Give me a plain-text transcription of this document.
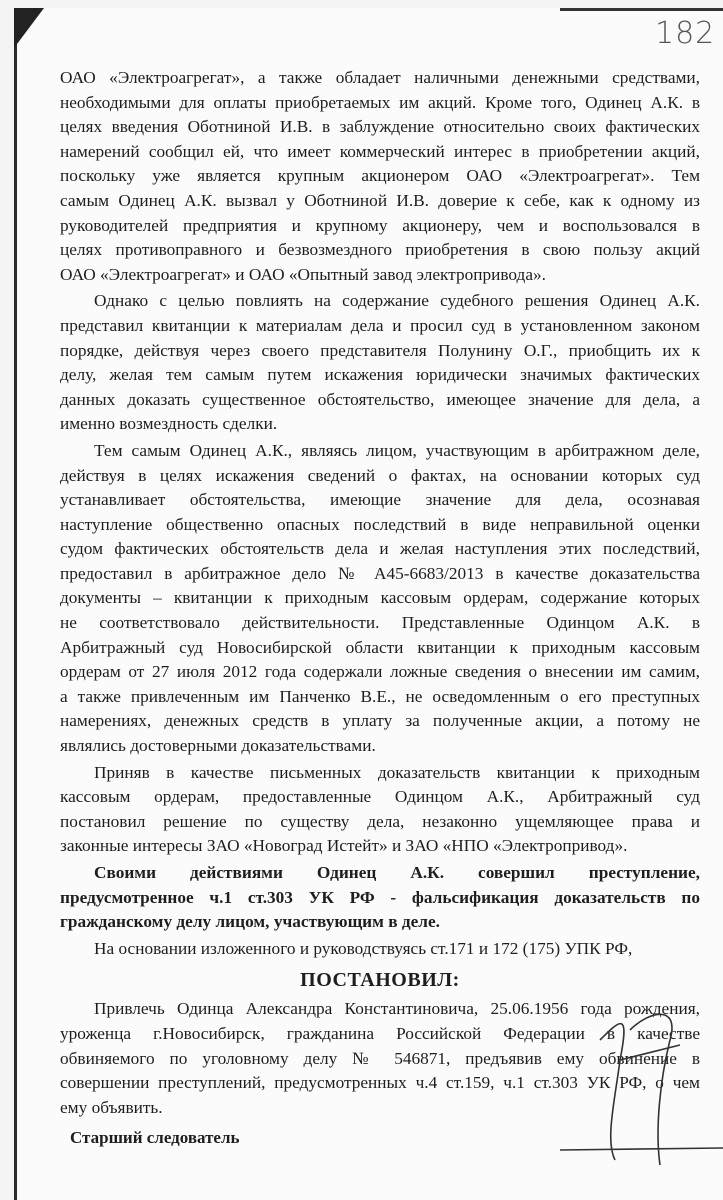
182
ОАО «Электроагрегат», а также обладает наличными денежными средствами,
необходимыми для оплаты приобретаемых им акций. Кроме того, Одинец А.К. в
целях введения Оботниной И.В. в заблуждение относительно своих фактических
намерений сообщил ей, что имеет коммерческий интерес в приобретении акций,
поскольку уже является крупным акционером ОАО «Электроагрегат». Тем
самым Одинец А.К. вызвал у Оботниной И.В. доверие к себе, как к одному из
руководителей предприятия и крупному акционеру, чем и воспользовался в
целях противоправного и безвозмездного приобретения в свою пользу акций
ОАО «Электроагрегат» и ОАО «Опытный завод электропривода».
Однако с целью повлиять на содержание судебного решения Одинец А.К.
представил квитанции к материалам дела и просил суд в установленном законом
порядке, действуя через своего представителя Полунину О.Г., приобщить их к
делу, желая тем самым путем искажения юридически значимых фактических
данных доказать существенное обстоятельство, имеющее значение для дела, а
именно возмездность сделки.
Тем самым Одинец А.К., являясь лицом, участвующим в арбитражном деле,
действуя в целях искажения сведений о фактах, на основании которых суд
устанавливает обстоятельства, имеющие значение для дела, осознавая
наступление общественно опасных последствий в виде неправильной оценки
судом фактических обстоятельств дела и желая наступления этих последствий,
предоставил в арбитражное дело № А45-6683/2013 в качестве доказательства
документы – квитанции к приходным кассовым ордерам, содержание которых
не соответствовало действительности. Представленные Одинцом А.К. в
Арбитражный суд Новосибирской области квитанции к приходным кассовым
ордерам от 27 июля 2012 года содержали ложные сведения о внесении им самим,
а также привлеченным им Панченко В.Е., не осведомленным о его преступных
намерениях, денежных средств в уплату за полученные акции, а потому не
являлись достоверными доказательствами.
Приняв в качестве письменных доказательств квитанции к приходным
кассовым ордерам, предоставленные Одинцом А.К., Арбитражный суд
постановил решение по существу дела, незаконно ущемляющее права и
законные интересы ЗАО «Новоград Истейт» и ЗАО «НПО «Электропривод».
Своими действиями Одинец А.К. совершил преступление,
предусмотренное ч.1 ст.303 УК РФ - фальсификация доказательств по
гражданскому делу лицом, участвующим в деле.
На основании изложенного и руководствуясь ст.171 и 172 (175) УПК РФ,
ПОСТАНОВИЛ:
Привлечь Одинца Александра Константиновича, 25.06.1956 года рождения,
уроженца г.Новосибирск, гражданина Российской Федерации в качестве
обвиняемого по уголовному делу № 546871, предъявив ему обвинение в
совершении преступлений, предусмотренных ч.4 ст.159, ч.1 ст.303 УК РФ, о чем
ему объявить.
Старший следователь
